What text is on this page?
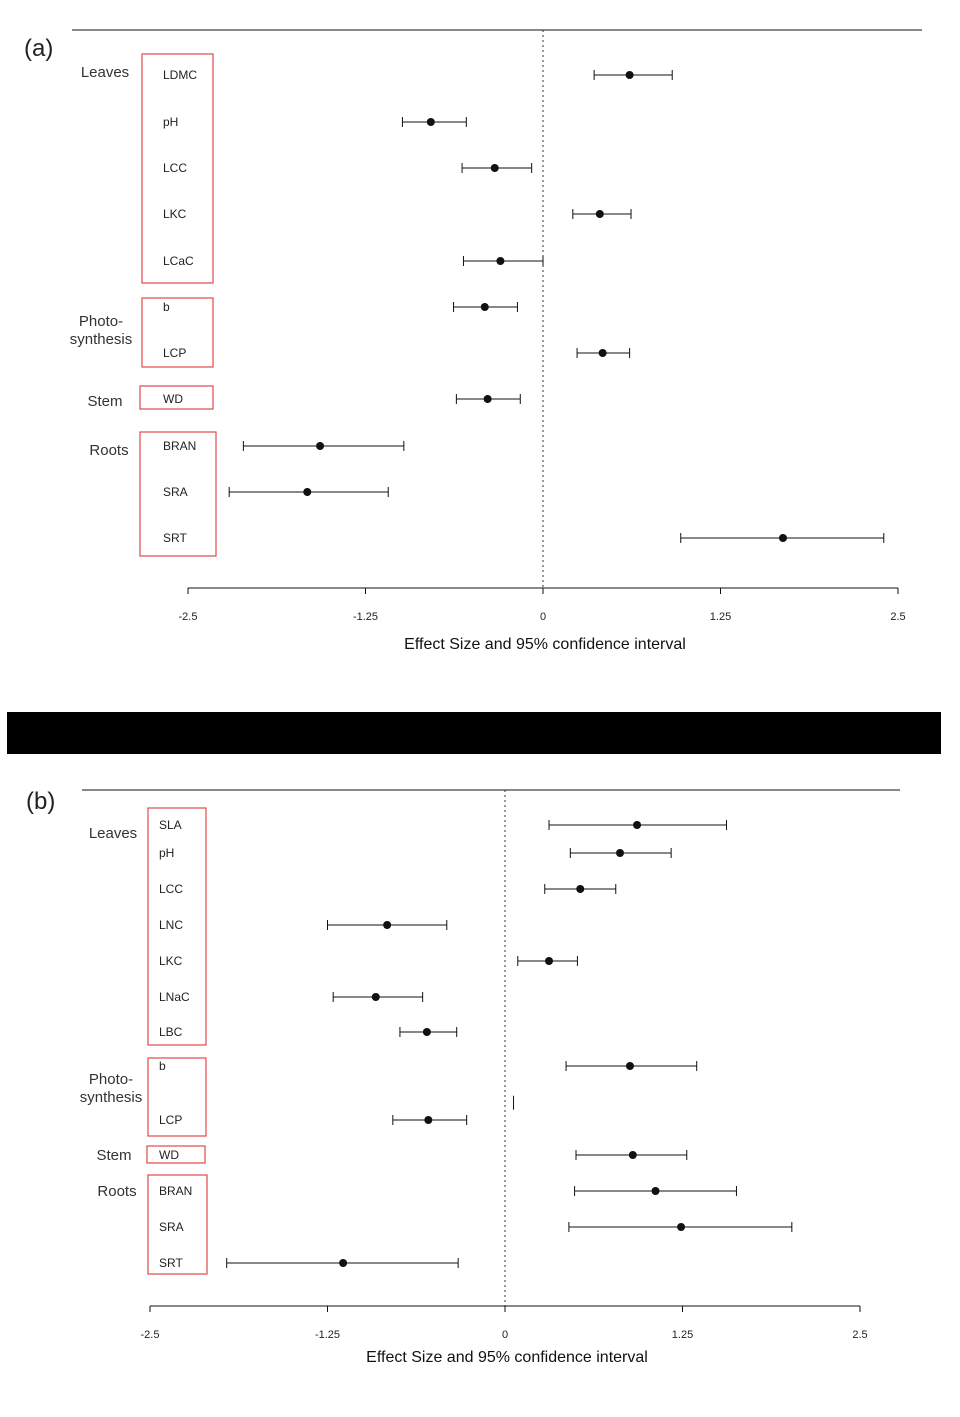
(a)
-2.5	-1.25	0	1.25	2.5
Effect Size and 95% confidence interval
Leaves
Photo-synthesis
Stem
Roots
LDMC
pH
LCC
LKC
LCaC
b
LCP
WD
BRAN
SRA
SRT
(b)
-2.5	-1.25	0	1.25	2.5
Effect Size and 95% confidence interval
Leaves
Photo-synthesis
Stem
Roots
SLA
pH
LCC
LNC
LKC
LNaC
LBC
b
LCP
WD
BRAN
SRA
SRT
